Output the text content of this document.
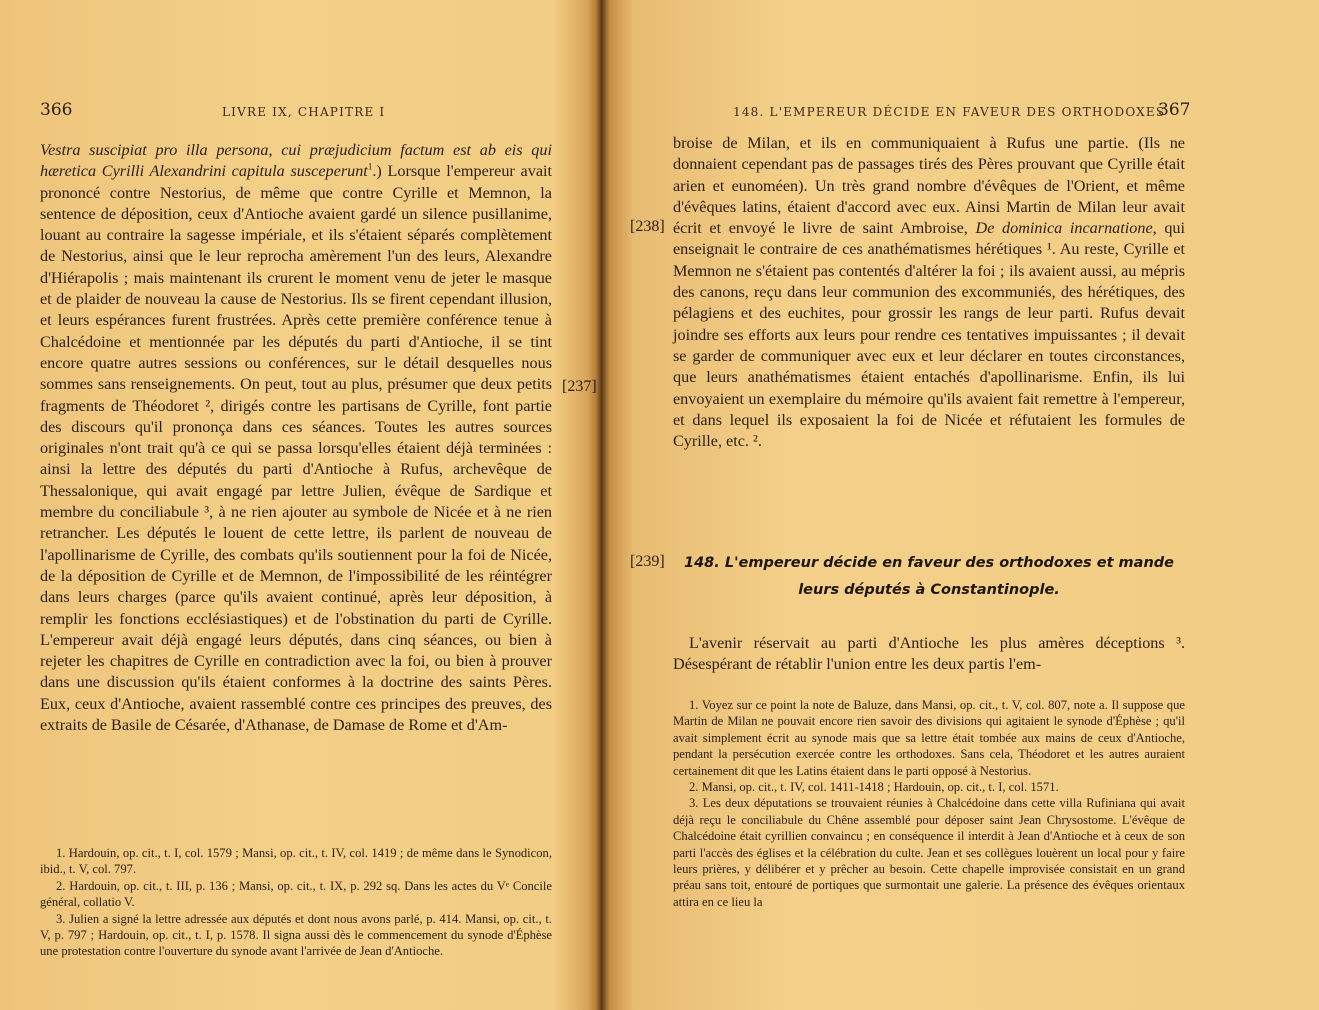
366	LIVRE IX, CHAPITRE I

Vestra suscipiat pro illa persona, cui præjudicium factum est ab eis qui hæretica Cyrilli Alexandrini capitula susceperunt$^1$.) Lorsque l'empereur avait prononcé contre Nestorius, de même que contre Cyrille et Memnon, la sentence de déposition, ceux d'Antioche avaient gardé un silence pusillanime, louant au contraire la sagesse impériale, et ils s'étaient séparés complètement de Nestorius, ainsi que le leur reprocha amèrement l'un des leurs, Alexandre d'Hiérapolis ; mais maintenant ils crurent le moment venu de jeter le masque et de plaider de nouveau la cause de Nestorius. Ils se firent cependant illusion, et leurs espérances furent frustrées. Après cette première conférence tenue à Chalcédoine et mentionnée par les députés du parti d'Antioche, il se tint encore quatre autres sessions ou conférences, sur le détail desquelles nous sommes sans renseignements. On peut, tout au plus, présumer que deux petits fragments de Théodoret ², dirigés contre les partisans de Cyrille, font partie des discours qu'il prononça dans ces séances. Toutes les autres sources originales n'ont trait qu'à ce qui se passa lorsqu'elles étaient déjà terminées : ainsi la lettre des députés du parti d'Antioche à Rufus, archevêque de Thessalonique, qui avait engagé par lettre Julien, évêque de Sardique et membre du conciliabule ³, à ne rien ajouter au symbole de Nicée et à ne rien retrancher. Les députés le louent de cette lettre, ils parlent de nouveau de l'apollinarisme de Cyrille, des combats qu'ils soutiennent pour la foi de Nicée, de la déposition de Cyrille et de Memnon, de l'impossibilité de les réintégrer dans leurs charges (parce qu'ils avaient continué, après leur déposition, à remplir les fonctions ecclésiastiques) et de l'obstination du parti de Cyrille. L'empereur avait déjà engagé leurs députés, dans cinq séances, ou bien à rejeter les chapitres de Cyrille en contradiction avec la foi, ou bien à prouver dans une discussion qu'ils étaient conformes à la doctrine des saints Pères. Eux, ceux d'Antioche, avaient rassemblé contre ces principes des preuves, des extraits de Basile de Césarée, d'Athanase, de Damase de Rome et d'Am-

1. Hardouin, op. cit., t. I, col. 1579 ; Mansi, op. cit., t. IV, col. 1419 ; de même dans le Synodicon, ibid., t. V, col. 797.

2. Hardouin, op. cit., t. III, p. 136 ; Mansi, op. cit., t. IX, p. 292 sq. Dans les actes du Vᵉ Concile général, collatio V.

3. Julien a signé la lettre adressée aux députés et dont nous avons parlé, p. 414. Mansi, op. cit., t. V, p. 797 ; Hardouin, op. cit., t. I, p. 1578. Il signa aussi dès le commencement du synode d'Éphèse une protestation contre l'ouverture du synode avant l'arrivée de Jean d'Antioche.

[237]
148. L'EMPEREUR DÉCIDE EN FAVEUR DES ORTHODOXES
367
[238]

broise de Milan, et ils en communiquaient à Rufus une partie. (Ils ne donnaient cependant pas de passages tirés des Pères prouvant que Cyrille était arien et eunoméen). Un très grand nombre d'évêques de l'Orient, et même d'évêques latins, étaient d'accord avec eux. Ainsi Martin de Milan leur avait écrit et envoyé le livre de saint Ambroise, De dominica incarnatione, qui enseignait le contraire de ces anathématismes hérétiques ¹. Au reste, Cyrille et Memnon ne s'étaient pas contentés d'altérer la foi ; ils avaient aussi, au mépris des canons, reçu dans leur communion des excommuniés, des hérétiques, des pélagiens et des euchites, pour grossir les rangs de leur parti. Rufus devait joindre ses efforts aux leurs pour rendre ces tentatives impuissantes ; il devait se garder de communiquer avec eux et leur déclarer en toutes circonstances, que leurs anathématismes étaient entachés d'apollinarisme. Enfin, ils lui envoyaient un exemplaire du mémoire qu'ils avaient fait remettre à l'empereur, et dans lequel ils exposaient la foi de Nicée et réfutaient les formules de Cyrille, etc. ².

[239]	148. L'empereur décide en faveur des orthodoxes et mande
leurs députés à Constantinople.

L'avenir réservait au parti d'Antioche les plus amères déceptions ³. Désespérant de rétablir l'union entre les deux partis l'em-

1. Voyez sur ce point la note de Baluze, dans Mansi, op. cit., t. V, col. 807, note a. Il suppose que Martin de Milan ne pouvait encore rien savoir des divisions qui agitaient le synode d'Éphèse ; qu'il avait simplement écrit au synode mais que sa lettre était tombée aux mains de ceux d'Antioche, pendant la persécution exercée contre les orthodoxes. Sans cela, Théodoret et les autres auraient certainement dit que les Latins étaient dans le parti opposé à Nestorius.

2. Mansi, op. cit., t. IV, col. 1411-1418 ; Hardouin, op. cit., t. I, col. 1571.

3. Les deux députations se trouvaient réunies à Chalcédoine dans cette villa Rufiniana qui avait déjà reçu le conciliabule du Chêne assemblé pour déposer saint Jean Chrysostome. L'évêque de Chalcédoine était cyrillien convaincu ; en conséquence il interdit à Jean d'Antioche et à ceux de son parti l'accès des églises et la célébration du culte. Jean et ses collègues louèrent un local pour y faire leurs prières, y délibérer et y prêcher au besoin. Cette chapelle improvisée consistait en un grand préau sans toit, entouré de portiques que surmontait une galerie. La présence des évêques orientaux attira en ce lieu la
